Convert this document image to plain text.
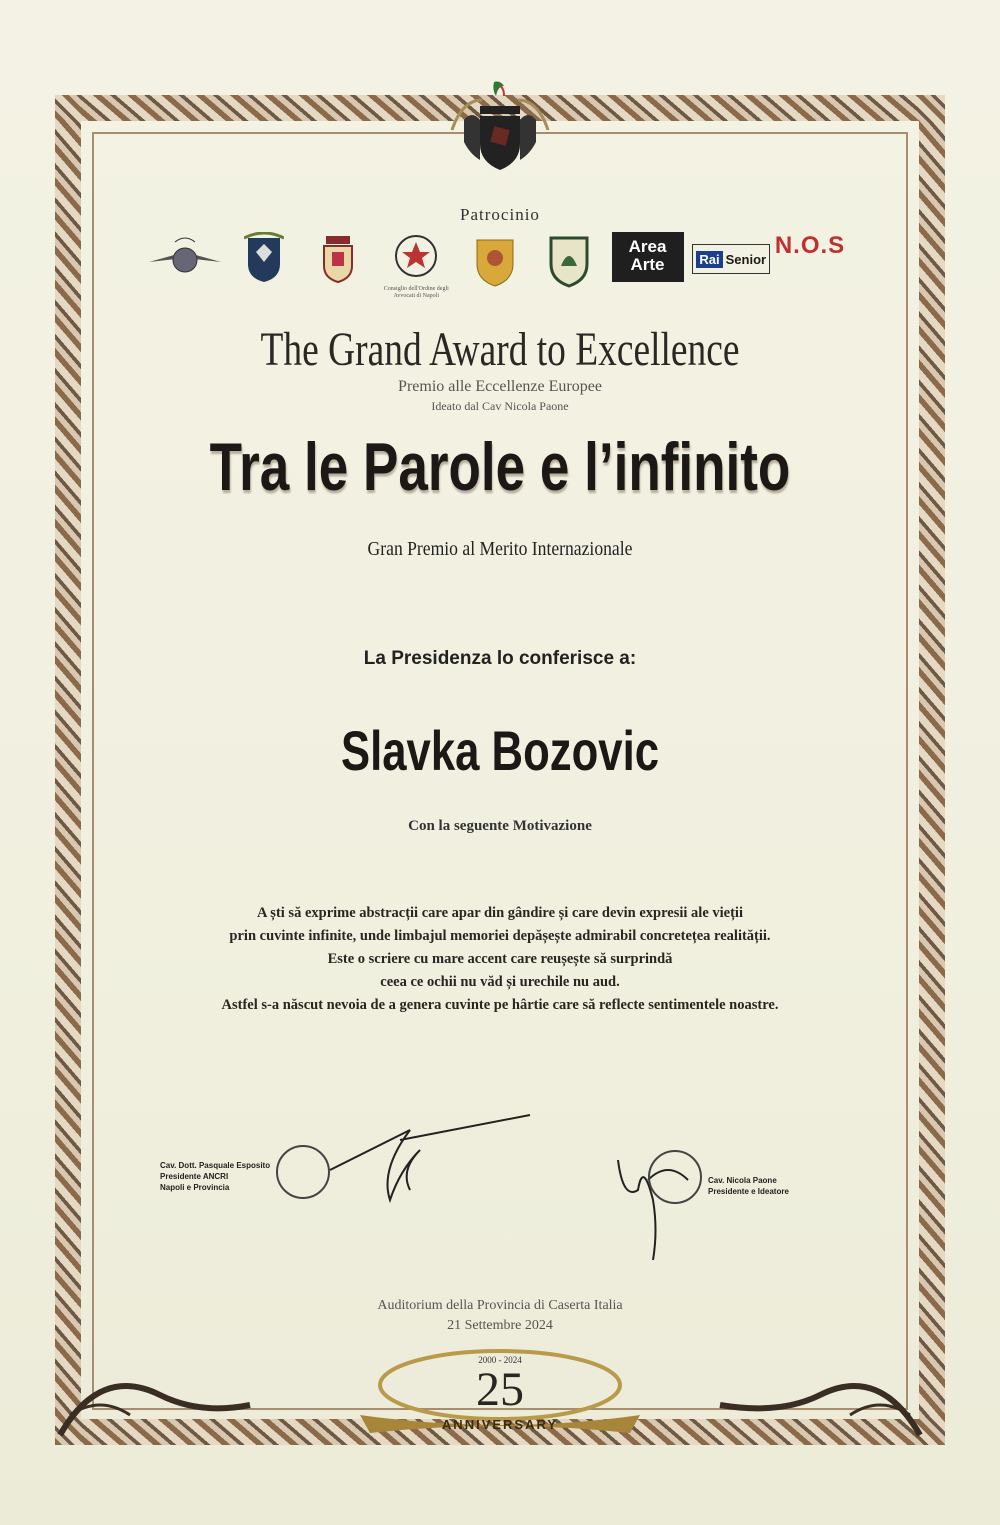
Patrocinio
Consiglio dell'Ordine degli Avvocati di Napoli
Area
Arte	Rai Senior N.O.S
The Grand Award to Excellence
Premio alle Eccellenze Europee
Ideato dal Cav Nicola Paone
Tra le Parole e l’infinito
Gran Premio al Merito Internazionale
La Presidenza lo conferisce a:
Slavka Bozovic
Con la seguente Motivazione
A ști să exprime abstracții care apar din gândire și care devin expresii ale vieții
prin cuvinte infinite, unde limbajul memoriei depășește admirabil concretețea realității.
Este o scriere cu mare accent care reușește să surprindă
ceea ce ochii nu văd și urechile nu aud.
Astfel s-a născut nevoia de a genera cuvinte pe hârtie care să reflecte sentimentele noastre.
Cav. Dott. Pasquale Esposito
Presidente ANCRI
Napoli e Provincia
Cav. Nicola Paone
Presidente e Ideatore
Auditorium della Provincia di Caserta Italia
21 Settembre 2024
2000 - 2024
25
ANNIVERSARY
